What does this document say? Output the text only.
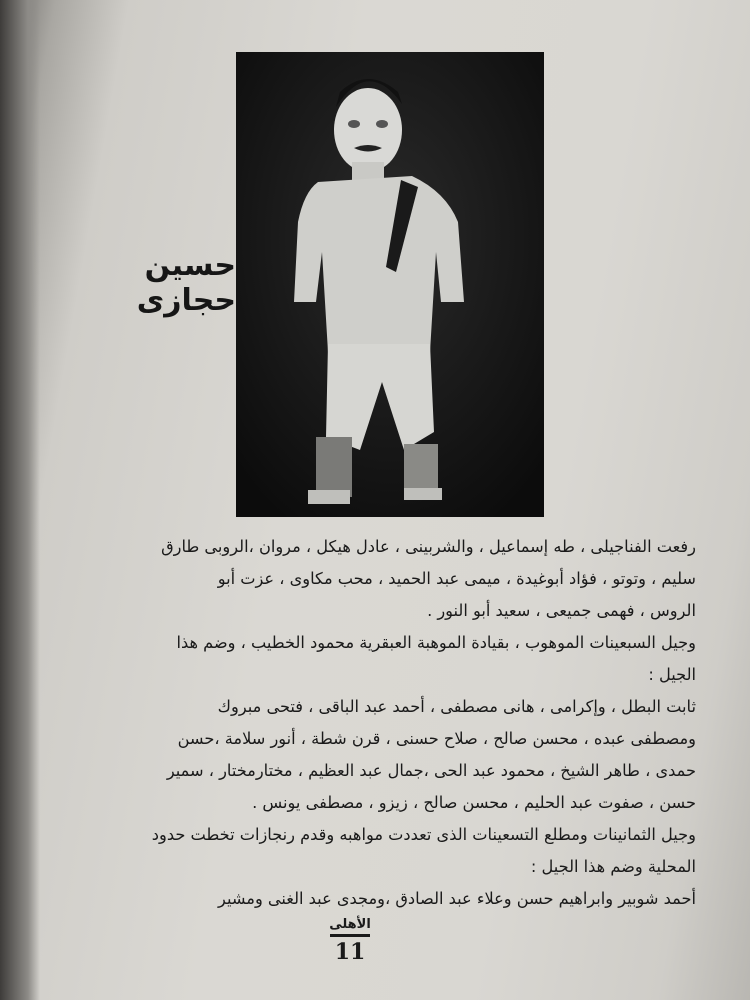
حسين حجازى
رفعت الفناجيلى ، طه إسماعيل ، والشربينى ، عادل هيكل ، مروان ،الروبى طارق
سليم ، وتوتو ، فؤاد أبوغيدة ، ميمى عبد الحميد ، محب مكاوى ، عزت أبو
الروس ، فهمى جميعى ، سعيد أبو النور .
وجيل السبعينات الموهوب ، بقيادة الموهبة العبقرية محمود الخطيب ، وضم هذا
الجيل :
ثابت البطل ، وإكرامى ، هانى مصطفى ، أحمد عبد الباقى ، فتحى مبروك
ومصطفى عبده ، محسن صالح ، صلاح حسنى ، قرن شطة ، أنور سلامة ،حسن
حمدى ، طاهر الشيخ ، محمود عبد الحى ،جمال عبد العظيم ، مختارمختار ، سمير
حسن ، صفوت عبد الحليم ، محسن صالح ، زيزو ، مصطفى يونس .
وجيل الثمانينات ومطلع التسعينات الذى تعددت مواهبه وقدم رنجازات تخطت حدود
المحلية وضم هذا الجيل :
أحمد شوبير وابراهيم حسن وعلاء عبد الصادق ،ومجدى عبد الغنى ومشير
الأهلى
11
